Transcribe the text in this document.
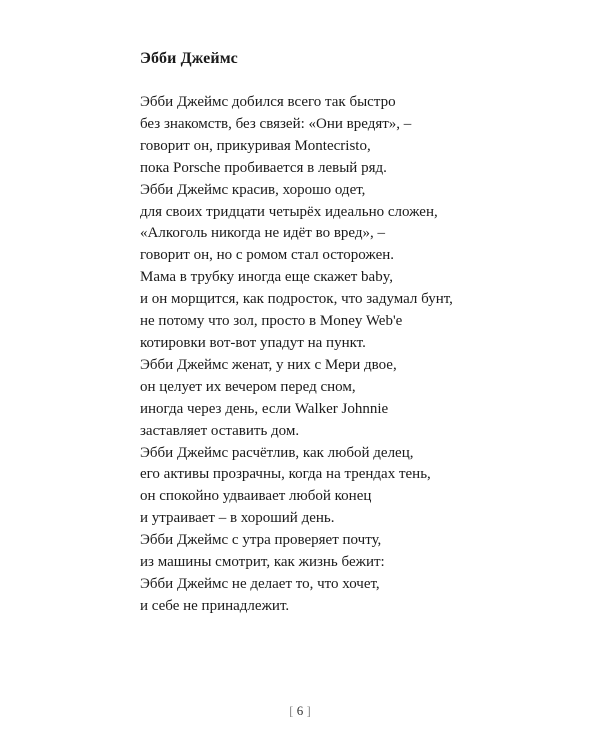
Эбби Джеймс
Эбби Джеймс добился всего так быстро
без знакомств, без связей: «Они вредят», –
говорит он, прикуривая Montecristo,
пока Porsche пробивается в левый ряд.
Эбби Джеймс красив, хорошо одет,
для своих тридцати четырёх идеально сложен,
«Алкоголь никогда не идёт во вред», –
говорит он, но с ромом стал осторожен.
Мама в трубку иногда еще скажет baby,
и он морщится, как подросток, что задумал бунт,
не потому что зол, просто в Money Web'е
котировки вот-вот упадут на пункт.
Эбби Джеймс женат, у них с Мери двое,
он целует их вечером перед сном,
иногда через день, если Walker Johnnie
заставляет оставить дом.
Эбби Джеймс расчётлив, как любой делец,
его активы прозрачны, когда на трендах тень,
он спокойно удваивает любой конец
и утраивает – в хороший день.
Эбби Джеймс с утра проверяет почту,
из машины смотрит, как жизнь бежит:
Эбби Джеймс не делает то, что хочет,
и себе не принадлежит.
[ 6 ]
